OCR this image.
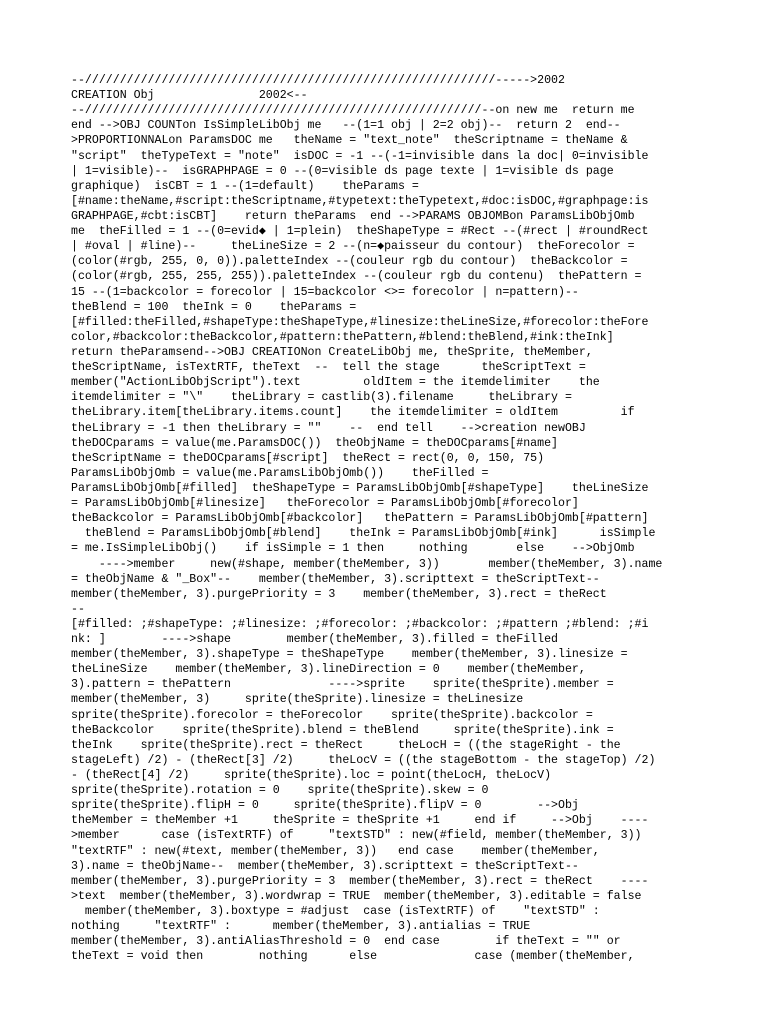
--///////////////////////////////////////////////////////////----->2002
CREATION Obj               2002<--
--/////////////////////////////////////////////////////////--on new me  return me
end -->OBJ COUNTon IsSimpleLibObj me   --(1=1 obj | 2=2 obj)--  return 2  end--
>PROPORTIONNALon ParamsDOC me   theName = "text_note"  theScriptname = theName &
"script"  theTypeText = "note"  isDOC = -1 --(-1=invisible dans la doc| 0=invisible
| 1=visible)--  isGRAPHPAGE = 0 --(0=visible ds page texte | 1=visible ds page
graphique)  isCBT = 1 --(1=default)    theParams =
[#name:theName,#script:theScriptname,#typetext:theTypetext,#doc:isDOC,#graphpage:is
GRAPHPAGE,#cbt:isCBT]    return theParams  end -->PARAMS OBJOMBon ParamsLibObjOmb
me  theFilled = 1 --(0=evid◆ | 1=plein)  theShapeType = #Rect --(#rect | #roundRect
| #oval | #line)--     theLineSize = 2 --(n=◆paisseur du contour)  theForecolor =
(color(#rgb, 255, 0, 0)).paletteIndex --(couleur rgb du contour)  theBackcolor =
(color(#rgb, 255, 255, 255)).paletteIndex --(couleur rgb du contenu)  thePattern =
15 --(1=backcolor = forecolor | 15=backcolor <>= forecolor | n=pattern)--
theBlend = 100  theInk = 0    theParams =
[#filled:theFilled,#shapeType:theShapeType,#linesize:theLineSize,#forecolor:theFore
color,#backcolor:theBackcolor,#pattern:thePattern,#blend:theBlend,#ink:theInk]
return theParamsend-->OBJ CREATIONon CreateLibObj me, theSprite, theMember,
theScriptName, isTextRTF, theText  --  tell the stage      theScriptText =
member("ActionLibObjScript").text         oldItem = the itemdelimiter    the
itemdelimiter = "\"    theLibrary = castlib(3).filename     theLibrary =
theLibrary.item[theLibrary.items.count]    the itemdelimiter = oldItem         if
theLibrary = -1 then theLibrary = ""    --  end tell    -->creation newOBJ
theDOCparams = value(me.ParamsDOC())  theObjName = theDOCparams[#name]
theScriptName = theDOCparams[#script]  theRect = rect(0, 0, 150, 75)
ParamsLibObjOmb = value(me.ParamsLibObjOmb())    theFilled =
ParamsLibObjOmb[#filled]  theShapeType = ParamsLibObjOmb[#shapeType]    theLineSize
= ParamsLibObjOmb[#linesize]   theForecolor = ParamsLibObjOmb[#forecolor]
theBackcolor = ParamsLibObjOmb[#backcolor]   thePattern = ParamsLibObjOmb[#pattern]
theBlend = ParamsLibObjOmb[#blend]    theInk = ParamsLibObjOmb[#ink]      isSimple
= me.IsSimpleLibObj()    if isSimple = 1 then     nothing       else    -->ObjOmb
---->member     new(#shape, member(theMember, 3))       member(theMember, 3).name
= theObjName & "_Box"--    member(theMember, 3).scripttext = theScriptText--
member(theMember, 3).purgePriority = 3    member(theMember, 3).rect = theRect
--
[#filled: ;#shapeType: ;#linesize: ;#forecolor: ;#backcolor: ;#pattern ;#blend: ;#i
nk: ]        ---->shape        member(theMember, 3).filled = theFilled
member(theMember, 3).shapeType = theShapeType    member(theMember, 3).linesize =
theLineSize    member(theMember, 3).lineDirection = 0    member(theMember,
3).pattern = thePattern              ---->sprite    sprite(theSprite).member =
member(theMember, 3)     sprite(theSprite).linesize = theLinesize
sprite(theSprite).forecolor = theForecolor    sprite(theSprite).backcolor =
theBackcolor    sprite(theSprite).blend = theBlend     sprite(theSprite).ink =
theInk    sprite(theSprite).rect = theRect     theLocH = ((the stageRight - the
stageLeft) /2) - (theRect[3] /2)     theLocV = ((the stageBottom - the stageTop) /2)
- (theRect[4] /2)     sprite(theSprite).loc = point(theLocH, theLocV)
sprite(theSprite).rotation = 0    sprite(theSprite).skew = 0
sprite(theSprite).flipH = 0     sprite(theSprite).flipV = 0        -->Obj
theMember = theMember +1     theSprite = theSprite +1     end if     -->Obj    ----
>member      case (isTextRTF) of     "textSTD" : new(#field, member(theMember, 3))
"textRTF" : new(#text, member(theMember, 3))   end case    member(theMember,
3).name = theObjName--  member(theMember, 3).scripttext = theScriptText--
member(theMember, 3).purgePriority = 3  member(theMember, 3).rect = theRect    ----
>text  member(theMember, 3).wordwrap = TRUE  member(theMember, 3).editable = false
member(theMember, 3).boxtype = #adjust  case (isTextRTF) of    "textSTD" :
nothing     "textRTF" :      member(theMember, 3).antialias = TRUE
member(theMember, 3).antiAliasThreshold = 0  end case        if theText = "" or
theText = void then        nothing      else              case (member(theMember,
